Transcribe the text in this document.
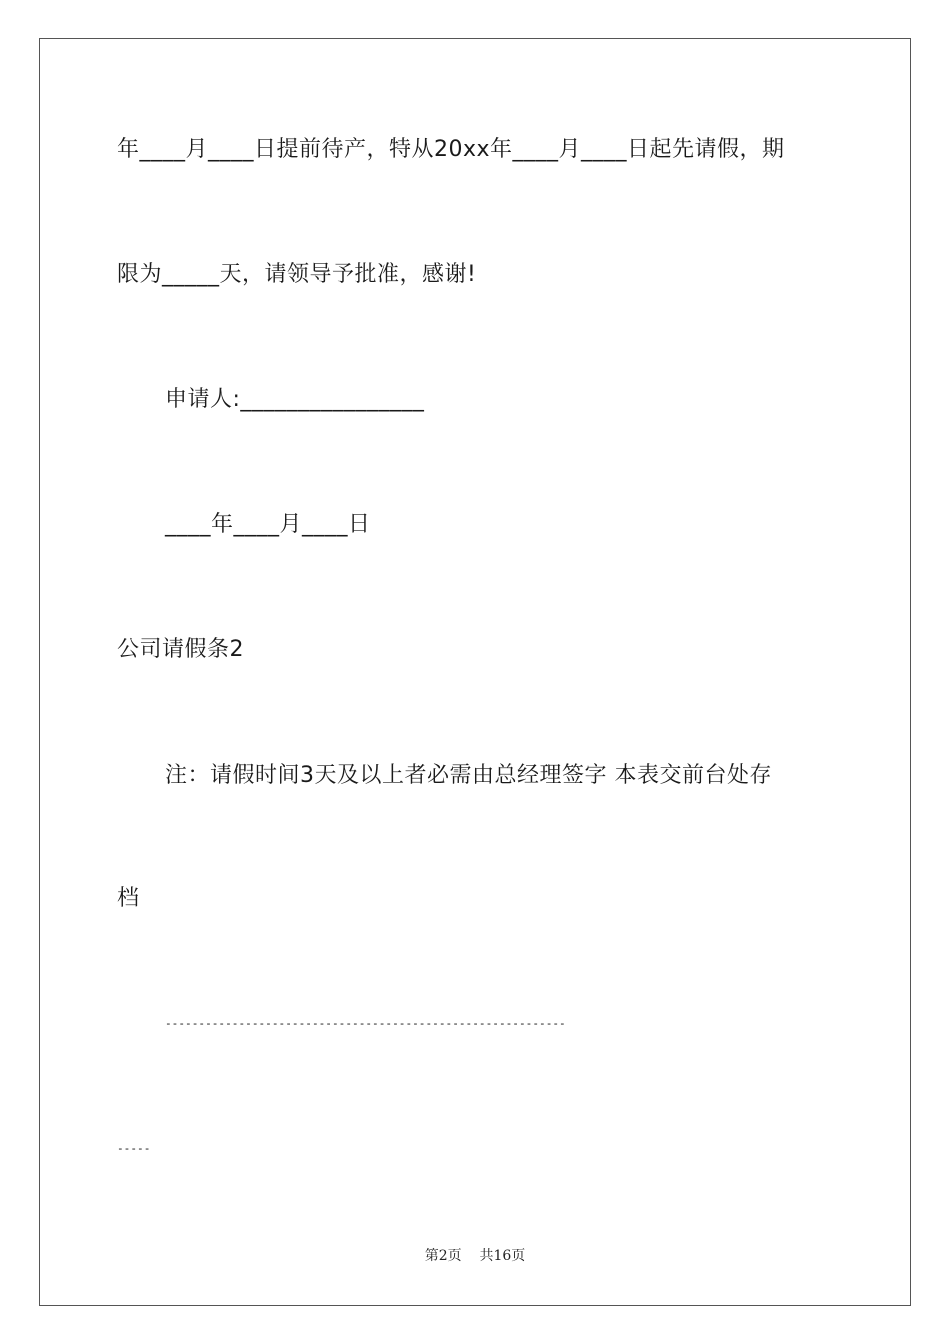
年____月____日提前待产，特从20xx年____月____日起先请假，期
限为_____天，请领导予批准，感谢!
申请人:________________
____年____月____日
公司请假条2
注：请假时间3天及以上者必需由总经理签字 本表交前台处存
档
------------------------------------------------------------
-----
第2页 共16页
